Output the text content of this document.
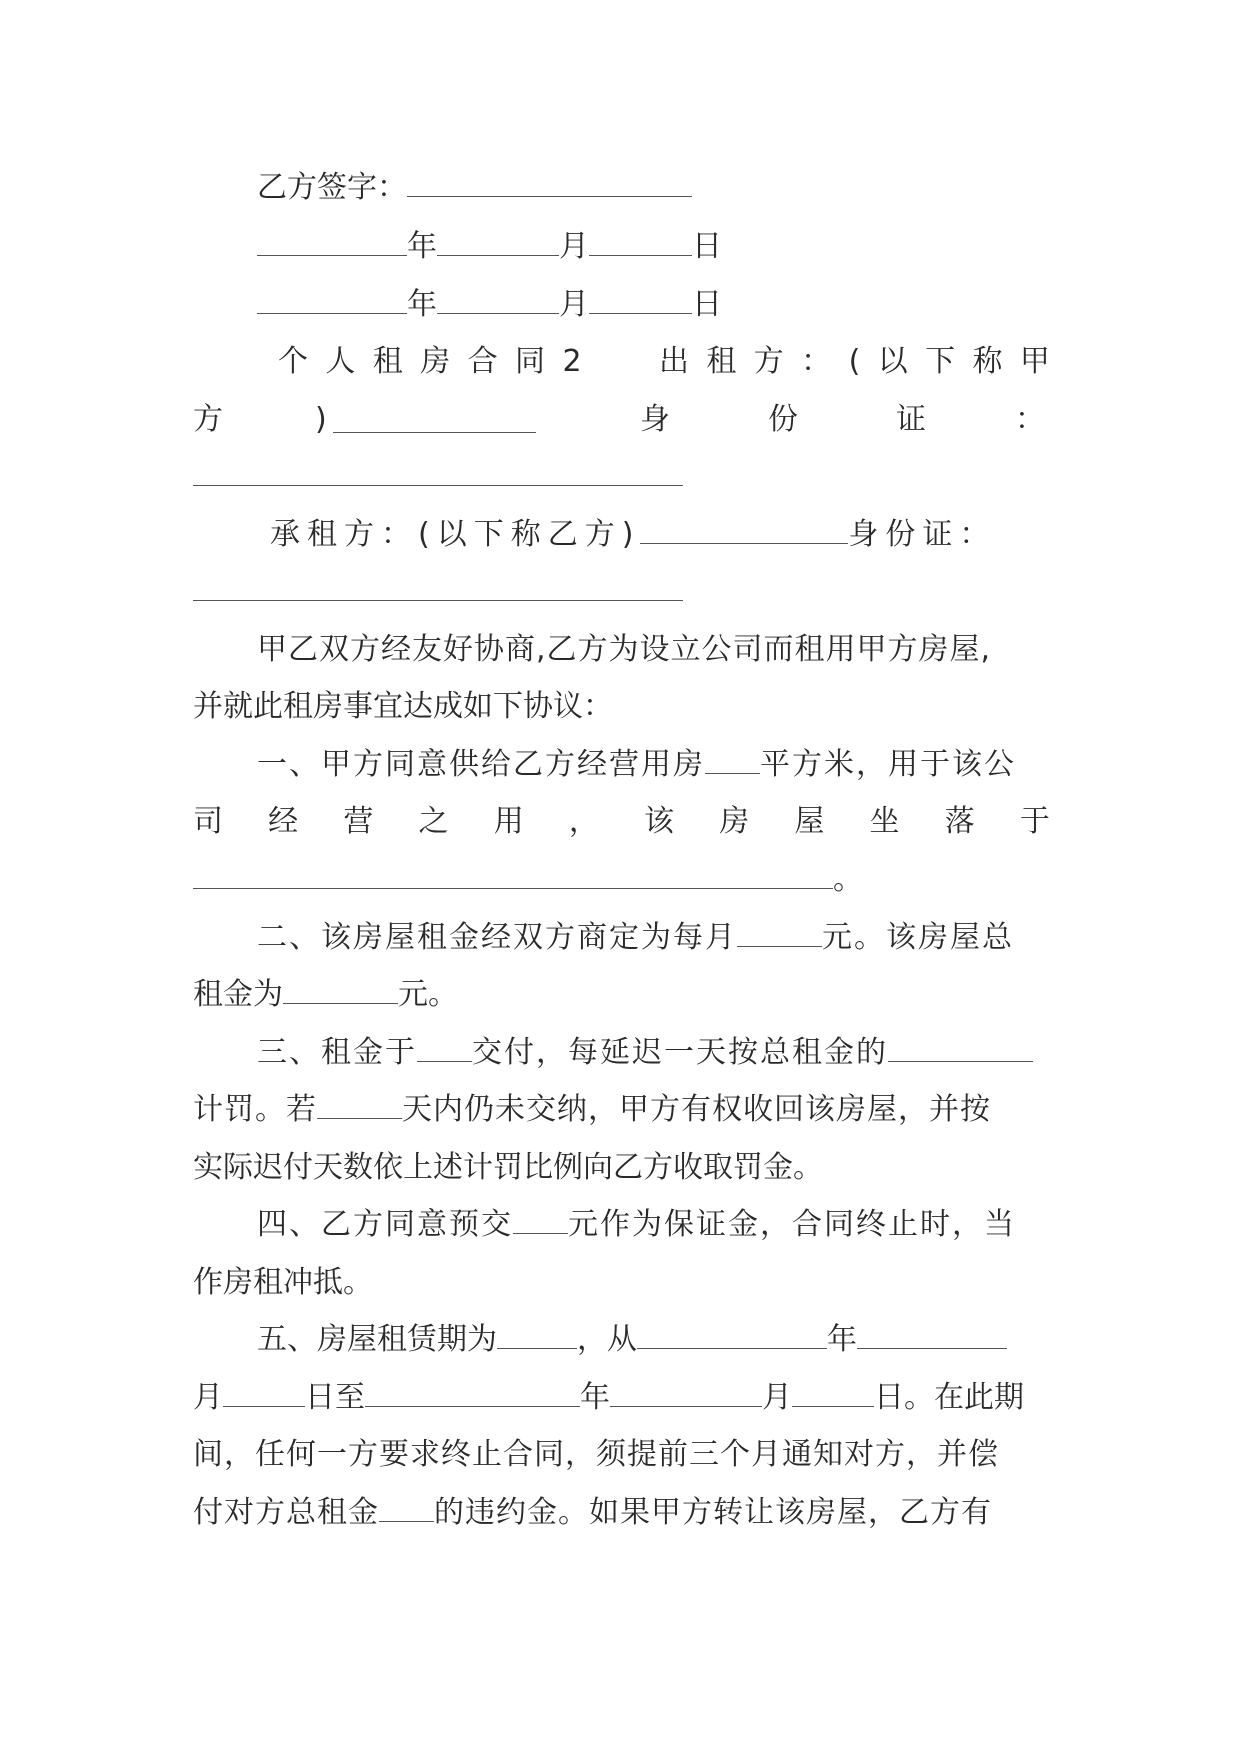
乙方签字：
年	月	日
年	月	日
个 人 租 房 合 同 2	出 租 方 ： ( 以 下 称 甲
方	)	身	份	证	：
承租方：(以下称乙方)	身份证：
甲乙双方经友好协商,乙方为设立公司而租用甲方房屋,
并就此租房事宜达成如下协议：
一、甲方同意供给乙方经营用房 平方米，用于该公
司 经 营 之 用 ， 该 房 屋 坐 落 于
。
二、该房屋租金经双方商定为每月	元。该房屋总
租金为	元。
三、租金于 交付，每延迟一天按总租金的
计罚。若	天内仍未交纳，甲方有权收回该房屋，并按
实际迟付天数依上述计罚比例向乙方收取罚金。
四、乙方同意预交 元作为保证金，合同终止时，当
作房租冲抵。
五、房屋租赁期为	，从	年
月	日至	年	月	日。在此期
间，任何一方要求终止合同，须提前三个月通知对方，并偿
付对方总租金 的违约金。如果甲方转让该房屋，乙方有
